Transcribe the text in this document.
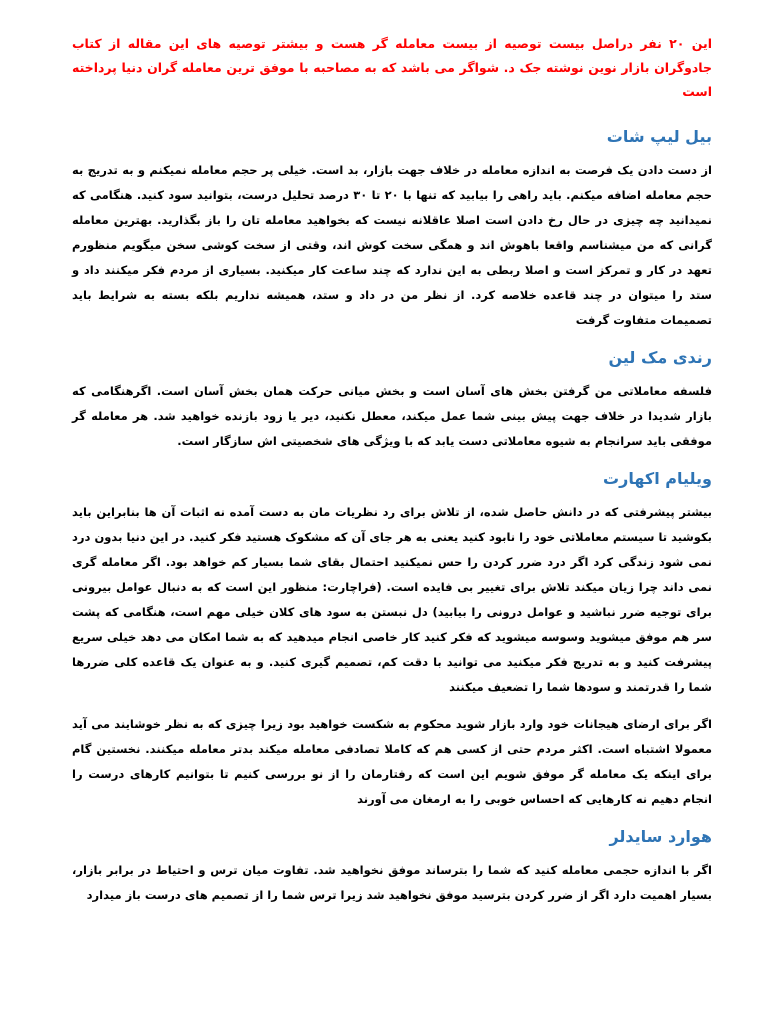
این ۲۰ نفر دراصل بیست توصیه از بیست معامله گر هست و بیشتر توصیه های این مقاله از کتاب جادوگران بازار نوین نوشته جک د. شواگر می باشد که به مصاحبه با موفق ترین معامله گران دنیا پرداخته است

بیل لیپ شات

از دست دادن یک فرصت به اندازه معامله در خلاف جهت بازار، بد است. خیلی پر حجم معامله نمیکنم و به تدریج به حجم معامله اضافه میکنم. باید راهی را بیابید که تنها با ۲۰ تا ۳۰ درصد تحلیل درست، بتوانید سود کنید. هنگامی که نمیدانید چه چیزی در حال رخ دادن است اصلا عاقلانه نیست که بخواهید معامله تان را باز بگذارید. بهترین معامله گرانی که من میشناسم واقعا باهوش اند و همگی سخت کوش اند، وقتی از سخت کوشی سخن میگویم منظورم تعهد در کار و تمرکز است و اصلا ربطی به این ندارد که چند ساعت کار میکنید. بسیاری از مردم فکر میکنند داد و ستد را میتوان در چند قاعده خلاصه کرد. از نظر من در داد و ستد، همیشه نداریم بلکه بسته به شرایط باید تصمیمات متفاوت گرفت

رندی مک لین

فلسفه معاملاتی من گرفتن بخش های آسان است و بخش میانی حرکت همان بخش آسان است. اگرهنگامی که بازار شدیدا در خلاف جهت پیش بینی شما عمل میکند، معطل نکنید، دیر یا زود بازنده خواهید شد. هر معامله گر موفقی باید سرانجام به شیوه معاملاتی دست یابد که با ویژگی های شخصیتی اش سازگار است.

ویلیام اکهارت

بیشتر پیشرفتی که در دانش حاصل شده، از تلاش برای رد نظریات مان به دست آمده نه اثبات آن ها بنابراین باید بکوشید تا سیستم معاملاتی خود را نابود کنید یعنی به هر جای آن که مشکوک هستید فکر کنید. در این دنیا بدون درد نمی شود زندگی کرد اگر درد ضرر کردن را حس نمیکنید احتمال بقای شما بسیار کم خواهد بود. اگر معامله گری نمی داند چرا زیان میکند تلاش برای تغییر بی فایده است. (فراچارت: منظور این است که به دنبال عوامل بیرونی برای توجیه ضرر نباشید و عوامل درونی را بیابید) دل نبستن به سود های کلان خیلی مهم است، هنگامی که پشت سر هم موفق میشوید وسوسه میشوید که فکر کنید کار خاصی انجام میدهید که به شما امکان می دهد خیلی سریع پیشرفت کنید و به تدریج فکر میکنید می توانید با دقت کم، تصمیم گیری کنید. و به عنوان یک قاعده کلی ضررها شما را قدرتمند و سودها شما را تضعیف میکنند

اگر برای ارضای هیجانات خود وارد بازار شوید محکوم به شکست خواهید بود زیرا چیزی که به نظر خوشایند می آید معمولا اشتباه است. اکثر مردم حتی از کسی هم که کاملا تصادفی معامله میکند بدتر معامله میکنند. نخستین گام برای اینکه یک معامله گر موفق شویم این است که رفتارمان را از نو بررسی کنیم تا بتوانیم کارهای درست را انجام دهیم نه کارهایی که احساس خوبی را به ارمغان می آورند

هوارد سایدلر

اگر با اندازه حجمی معامله کنید که شما را بترساند موفق نخواهید شد. تفاوت میان ترس و احتیاط در برابر بازار، بسیار اهمیت دارد اگر از ضرر کردن بترسید موفق نخواهید شد زیرا ترس شما را از تصمیم های درست باز میدارد
